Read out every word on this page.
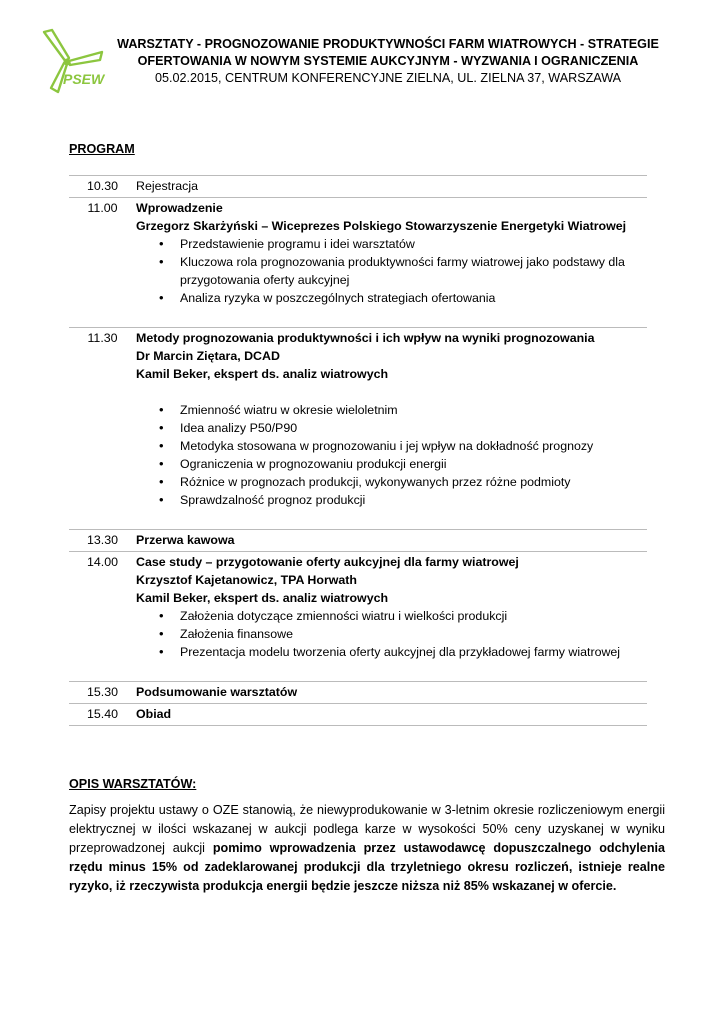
PSEW
WARSZTATY - PROGNOZOWANIE PRODUKTYWNOŚCI FARM WIATROWYCH - STRATEGIE
OFERTOWANIA W NOWYM SYSTEMIE AUKCYJNYM - WYZWANIA I OGRANICZENIA
05.02.2015, CENTRUM KONFERENCYJNE ZIELNA, UL. ZIELNA 37, WARSZAWA
PROGRAM
10.30	Rejestracja
11.00	Wprowadzenie
Grzegorz Skarżyński – Wiceprezes Polskiego Stowarzyszenie Energetyki Wiatrowej
• Przedstawienie programu i idei warsztatów
• Kluczowa rola prognozowania produktywności farmy wiatrowej jako podstawy dla przygotowania oferty aukcyjnej
• Analiza ryzyka w poszczególnych strategiach ofertowania
11.30	Metody prognozowania produktywności i ich wpływ na wyniki prognozowania
Dr Marcin Ziętara, DCAD
Kamil Beker, ekspert ds. analiz wiatrowych
• Zmienność wiatru w okresie wieloletnim
• Idea analizy P50/P90
• Metodyka stosowana w prognozowaniu i jej wpływ na dokładność prognozy
• Ograniczenia w prognozowaniu produkcji energii
• Różnice w prognozach produkcji, wykonywanych przez różne podmioty
• Sprawdzalność prognoz produkcji
13.30	Przerwa kawowa
14.00	Case study – przygotowanie oferty aukcyjnej dla farmy wiatrowej
Krzysztof Kajetanowicz, TPA Horwath
Kamil Beker, ekspert ds. analiz wiatrowych
• Założenia dotyczące zmienności wiatru i wielkości produkcji
• Założenia finansowe
• Prezentacja modelu tworzenia oferty aukcyjnej dla przykładowej farmy wiatrowej
15.30	Podsumowanie warsztatów
15.40	Obiad
OPIS WARSZTATÓW:
Zapisy projektu ustawy o OZE stanowią, że niewyprodukowanie w 3-letnim okresie rozliczeniowym energii elektrycznej w ilości wskazanej w aukcji podlega karze w wysokości 50% ceny uzyskanej w wyniku przeprowadzonej aukcji pomimo wprowadzenia przez ustawodawcę dopuszczalnego odchylenia rzędu minus 15% od zadeklarowanej produkcji dla trzyletniego okresu rozliczeń, istnieje realne ryzyko, iż rzeczywista produkcja energii będzie jeszcze niższa niż 85% wskazanej w ofercie.
